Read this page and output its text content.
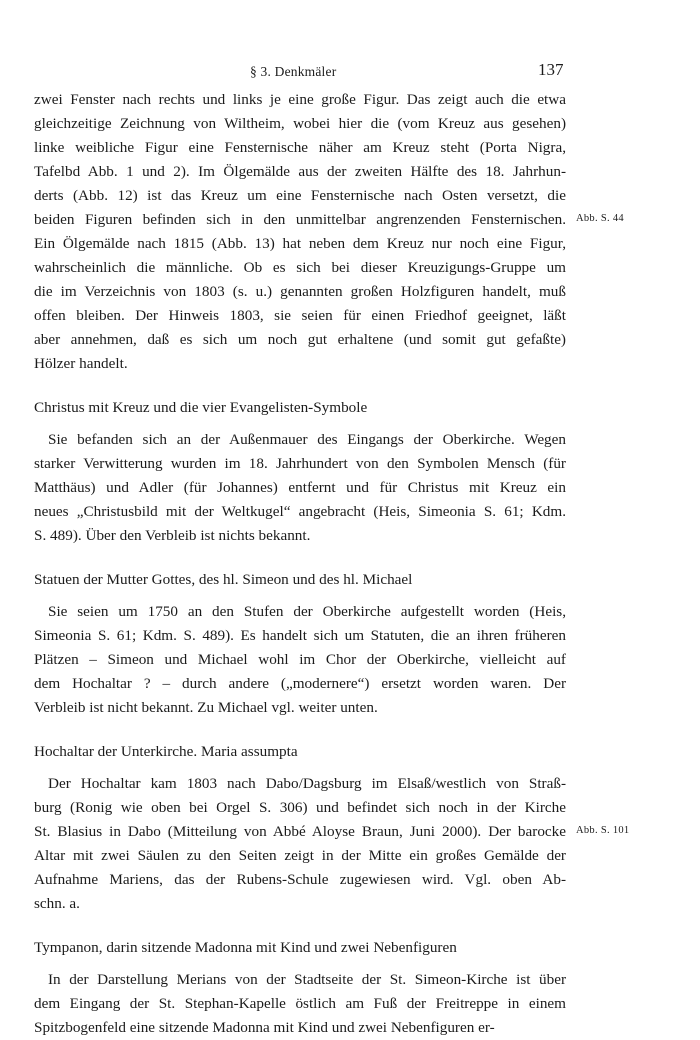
§ 3. Denkmäler	137
zwei Fenster nach rechts und links je eine große Figur. Das zeigt auch die etwa
gleichzeitige Zeichnung von Wiltheim, wobei hier die (vom Kreuz aus gesehen)
linke weibliche Figur eine Fensternische näher am Kreuz steht (Porta Nigra,
Tafelbd Abb. 1 und 2). Im Ölgemälde aus der zweiten Hälfte des 18. Jahrhun-
derts (Abb. 12) ist das Kreuz um eine Fensternische nach Osten versetzt, die
beiden Figuren befinden sich in den unmittelbar angrenzenden Fensternischen.
Ein Ölgemälde nach 1815 (Abb. 13) hat neben dem Kreuz nur noch eine Figur,
wahrscheinlich die männliche. Ob es sich bei dieser Kreuzigungs-Gruppe um
die im Verzeichnis von 1803 (s. u.) genannten großen Holzfiguren handelt, muß
offen bleiben. Der Hinweis 1803, sie seien für einen Friedhof geeignet, läßt
aber annehmen, daß es sich um noch gut erhaltene (und somit gut gefaßte)
Hölzer handelt.
Christus mit Kreuz und die vier Evangelisten-Symbole
Sie befanden sich an der Außenmauer des Eingangs der Oberkirche. Wegen
starker Verwitterung wurden im 18. Jahrhundert von den Symbolen Mensch (für
Matthäus) und Adler (für Johannes) entfernt und für Christus mit Kreuz ein
neues „Christusbild mit der Weltkugel“ angebracht (Heis, Simeonia S. 61; Kdm.
S. 489). Über den Verbleib ist nichts bekannt.
Statuen der Mutter Gottes, des hl. Simeon und des hl. Michael
Sie seien um 1750 an den Stufen der Oberkirche aufgestellt worden (Heis,
Simeonia S. 61; Kdm. S. 489). Es handelt sich um Statuten, die an ihren früheren
Plätzen – Simeon und Michael wohl im Chor der Oberkirche, vielleicht auf
dem Hochaltar ? – durch andere („modernere“) ersetzt worden waren. Der
Verbleib ist nicht bekannt. Zu Michael vgl. weiter unten.
Hochaltar der Unterkirche. Maria assumpta
Der Hochaltar kam 1803 nach Dabo/Dagsburg im Elsaß/westlich von Straß-
burg (Ronig wie oben bei Orgel S. 306) und befindet sich noch in der Kirche
St. Blasius in Dabo (Mitteilung von Abbé Aloyse Braun, Juni 2000). Der barocke
Altar mit zwei Säulen zu den Seiten zeigt in der Mitte ein großes Gemälde der
Aufnahme Mariens, das der Rubens-Schule zugewiesen wird. Vgl. oben Ab-
schn. a.
Tympanon, darin sitzende Madonna mit Kind und zwei Nebenfiguren
In der Darstellung Merians von der Stadtseite der St. Simeon-Kirche ist über
dem Eingang der St. Stephan-Kapelle östlich am Fuß der Freitreppe in einem
Spitzbogenfeld eine sitzende Madonna mit Kind und zwei Nebenfiguren er-
Abb. S. 44
Abb. S. 101
